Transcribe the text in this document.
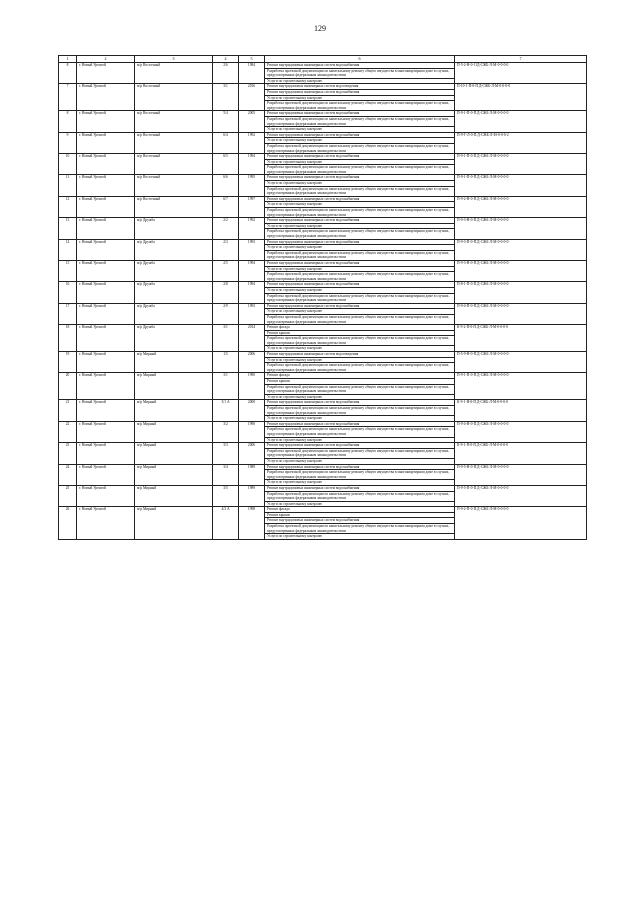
129
1	2	3	4	5	6	7
8	г. Новый Уренгой	м/р Восточный	2/6	1984	Ремонт внутридомовых инженерных систем водоснабжения	П-5-2-Н-0-11Д-СЖБ-Л-М-0-0-0-0
					Разработка проектной документации по капитальному ремонту общего имущества в многоквартирном доме в случаях, предусмотренных федеральным законодательством	
					Услуги по строительному контролю	
7	г. Новый Уренгой	м/р Восточный	3/1	2016	Ремонт внутридомовых инженерных систем водоотведения	П-10-1-П-0-П.Д-СЖБ-Л-М-0-0-0-0
					Ремонт внутридомовых инженерных систем водоснабжения	
					Услуги по строительному контролю	
					Разработка проектной документации по капитальному ремонту общего имущества в многоквартирном доме в случаях, предусмотренных федеральным законодательством	
8	г. Новый Уренгой	м/р Восточный	5/4	2005	Ремонт внутридомовых инженерных систем водоснабжения	П-9-1-П-0-П.Д-СЖБ-Л-М-0-0-0-0
					Разработка проектной документации по капитальному ремонту общего имущества в многоквартирном доме в случаях, предусмотренных федеральным законодательством	
					Услуги по строительному контролю	
9	г. Новый Уренгой	м/р Восточный	6/4	1992	Ремонт внутридомовых инженерных систем водоснабжения	П-9-Т-Л-0-П.Д-СЖБ-Л-М-0-0-0-2
					Услуги по строительному контролю	
					Разработка проектной документации по капитальному ремонту общего имущества в многоквартирном доме в случаях, предусмотренных федеральным законодательством	
10	г. Новый Уренгой	м/р Восточный	6/5	1994	Ремонт внутридомовых инженерных систем водоснабжения	П-9-1-П-0-П.Д-СЖБ-Л-М-0-0-0-0
					Услуги по строительному контролю	
					Разработка проектной документации по капитальному ремонту общего имущества в многоквартирном доме в случаях, предусмотренных федеральным законодательством	
11	г. Новый Уренгой	м/р Восточный	6/6	1995	Ремонт внутридомовых инженерных систем водоснабжения	П-9-1-П-0-П.Д-СЖБ-Л-М-0-0-0-0
					Услуги по строительному контролю	
					Разработка проектной документации по капитальному ремонту общего имущества в многоквартирном доме в случаях, предусмотренных федеральным законодательством	
12	г. Новый Уренгой	м/р Восточный	6/7	1997	Ремонт внутридомовых инженерных систем водоснабжения	П-9-2-Н-0-П.Д-СЖБ-Л-М-0-0-0-0
					Услуги по строительному контролю	
					Разработка проектной документации по капитальному ремонту общего имущества в многоквартирном доме в случаях, предусмотренных федеральным законодательством	
13	г. Новый Уренгой	м/р Дружба	2/2	1992	Ремонт внутридомовых инженерных систем водоснабжения	П-9-3-Н-0-П.Д-СЖБ-Л-М-0-0-0-0
					Услуги по строительному контролю	
					Разработка проектной документации по капитальному ремонту общего имущества в многоквартирном доме в случаях, предусмотренных федеральным законодательством	
14	г. Новый Уренгой	м/р Дружба	2/3	1993	Ремонт внутридомовых инженерных систем водоснабжения	П-9-3-П-0-П.Д-СЖБ-Л-М-0-0-0-0
					Услуги по строительному контролю	
					Разработка проектной документации по капитальному ремонту общего имущества в многоквартирном доме в случаях, предусмотренных федеральным законодательством	
15	г. Новый Уренгой	м/р Дружба	2/5	1994	Ремонт внутридомовых инженерных систем водоснабжения	П-9-3-Н-0-П.Д-СЖБ-Л-М-0-0-0-0
					Услуги по строительному контролю	
					Разработка проектной документации по капитальному ремонту общего имущества в многоквартирном доме в случаях, предусмотренных федеральным законодательством	
16	г. Новый Уренгой	м/р Дружба	2/8	1994	Ремонт внутридомовых инженерных систем водоснабжения	П-8-1-П-0-П.Д-СЖБ-Л-М-0-0-0-0
					Услуги по строительному контролю	
					Разработка проектной документации по капитальному ремонту общего имущества в многоквартирном доме в случаях, предусмотренных федеральным законодательством	
17	г. Новый Уренгой	м/р Дружба	2/9	1993	Ремонт внутридомовых инженерных систем водоснабжения	П-9-4-П-0-П.Д-СЖБ-Л-М-0-0-0-0
					Услуги по строительному контролю	
					Разработка проектной документации по капитальному ремонту общего имущества в многоквартирном доме в случаях, предусмотренных федеральным законодательством	
18	г. Новый Уренгой	м/р Дружба	3/1	2014	Ремонт фасада	К-9-2-П-0-П.Д-СЖБ-Л-М-0-0-0-0
					Ремонт крыши	
					Разработка проектной документации по капитальному ремонту общего имущества в многоквартирном доме в случаях, предусмотренных федеральным законодательством	
					Услуги по строительному контролю	
19	г. Новый Уренгой	м/р Мирный	1/5	2006	Ремонт внутридомовых инженерных систем водоотведения	П-5-9-Н-0-П.Д-СЖБ-Л-М-0-0-0-0
					Услуги по строительному контролю	
					Разработка проектной документации по капитальному ремонту общего имущества в многоквартирном доме в случаях, предусмотренных федеральным законодательством	
20	г. Новый Уренгой	м/р Мирный	3/1	1990	Ремонт фасада	П-9-1-П-0-П.Д-СЖБ-Л-М-0-0-0-0
					Ремонт крыши	
					Разработка проектной документации по капитальному ремонту общего имущества в многоквартирном доме в случаях, предусмотренных федеральным законодательством	
					Услуги по строительному контролю	
21	г. Новый Уренгой	м/р Мирный	3/1 А	2000	Ремонт внутридомовых инженерных систем водоснабжения	К-9-1-Н-0-П.Д-СЖБ-Л-М-0-0-0-0
					Разработка проектной документации по капитальному ремонту общего имущества в многоквартирном доме в случаях, предусмотренных федеральным законодательством	
					Услуги по строительному контролю	
22	г. Новый Уренгой	м/р Мирный	3/2	1990	Ремонт внутридомовых инженерных систем водоснабжения	П-9-4-Н-0-П.Д-СЖБ-Л-М-0-0-0-0
					Разработка проектной документации по капитальному ремонту общего имущества в многоквартирном доме в случаях, предусмотренных федеральным законодательством	
					Услуги по строительному контролю	
23	г. Новый Уренгой	м/р Мирный	3/3	2006	Ремонт внутридомовых инженерных систем водоснабжения	К-9-1-П-0-П.Д-СЖБ-Л-М-0-0-0-0
					Разработка проектной документации по капитальному ремонту общего имущества в многоквартирном доме в случаях, предусмотренных федеральным законодательством	
					Услуги по строительному контролю	
24	г. Новый Уренгой	м/р Мирный	3/4	1989	Ремонт внутридомовых инженерных систем водоснабжения	П-9-5-Н-0-П.Д-СЖБ-Л-М-0-0-0-0
					Разработка проектной документации по капитальному ремонту общего имущества в многоквартирном доме в случаях, предусмотренных федеральным законодательством	
					Услуги по строительному контролю	
25	г. Новый Уренгой	м/р Мирный	3/5	1989	Ремонт внутридомовых инженерных систем водоснабжения	П-9-5-П-0-П.Д-СЖБ-Л-М-0-0-0-0
					Разработка проектной документации по капитальному ремонту общего имущества в многоквартирном доме в случаях, предусмотренных федеральным законодательством	
					Услуги по строительному контролю	
26	г. Новый Уренгой	м/р Мирный	4/3 А	1998	Ремонт фасада	П-9-2-П-0-П.Д-СЖБ-Л-М-0-0-0-0
					Ремонт крыши	
					Ремонт внутридомовых инженерных систем водоснабжения	
					Разработка проектной документации по капитальному ремонту общего имущества в многоквартирном доме в случаях, предусмотренных федеральным законодательством	
					Услуги по строительному контролю	
